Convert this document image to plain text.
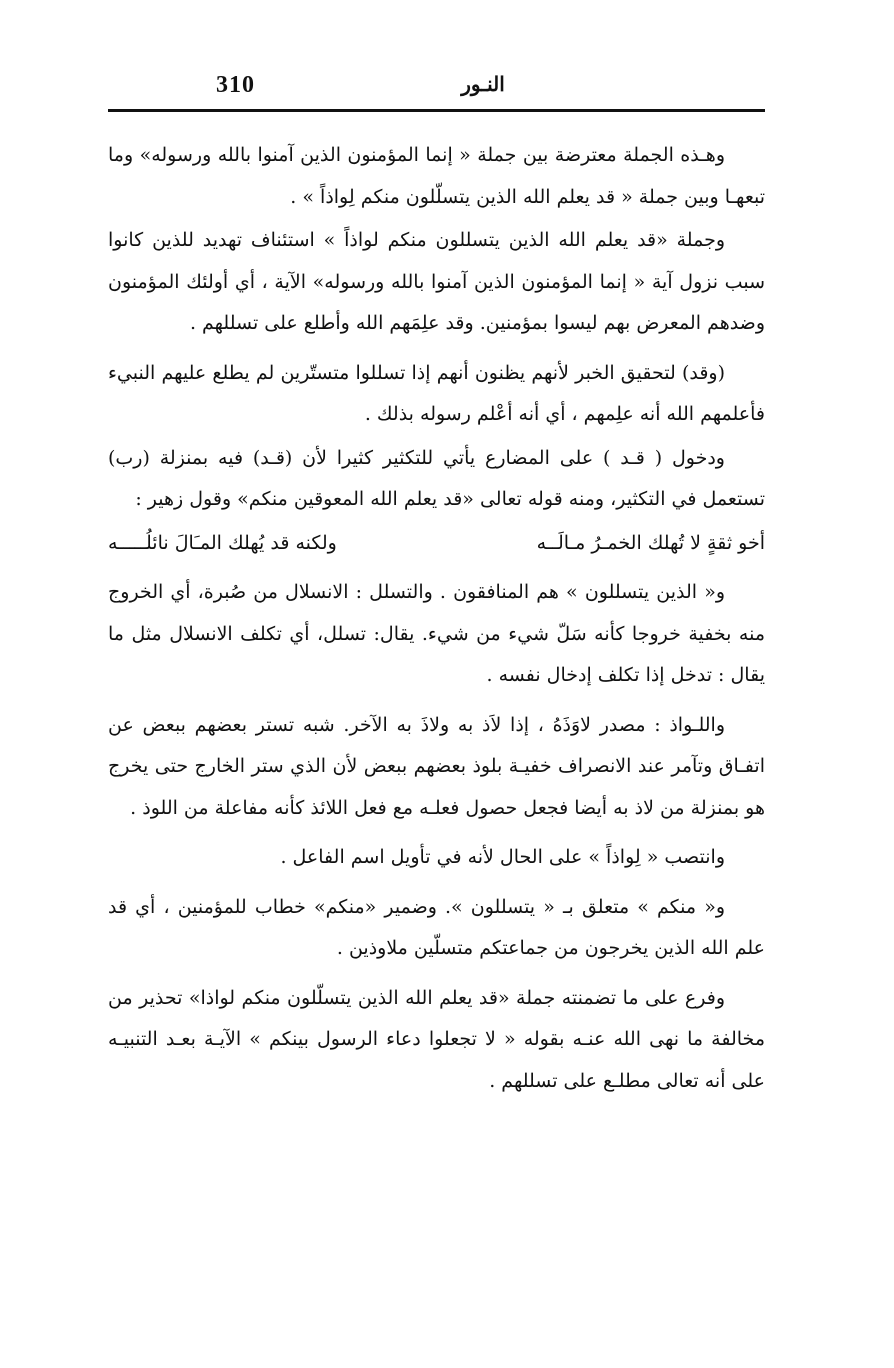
310	النـور

وهـذه الجملة معترضة بين جملة « إنما المؤمنون الذين آمنوا بالله ورسوله» وما تبعهـا وبين جملة « قد يعلم الله الذين يتسلّلون منكم لِواذاً » .

وجملة «قد يعلم الله الذين يتسللون منكم لواذاً » استئناف تهديد للذين كانوا سبب نزول آية « إنما المؤمنون الذين آمنوا بالله ورسوله» الآية ، أي أولئك المؤمنون وضدهم المعرض بهم ليسوا بمؤمنين. وقد علِمَهم الله وأطلع على تسللهم .

(وقد) لتحقيق الخبر لأنهم يظنون أنهم إذا تسللوا متستّرين لم يطلع عليهم النبيء فأعلمهم الله أنه علِمهم ، أي أنه أعْلم رسوله بذلك .

ودخول ( قـد ) على المضارع يأتي للتكثير كثيرا لأن (قـد) فيه بمنزلة (رب) تستعمل في التكثير، ومنه قوله تعالى «قد يعلم الله المعوقين منكم» وقول زهير :

أخو ثقةٍ لا تُهلك الخمـرُ مـالَــه
ولكنه قد يُهلك المـَالَ نائلُـــــه

و« الذين يتسللون » هم المنافقون . والتسلل : الانسلال من صُبرة، أي الخروج منه بخفية خروجا كأنه سَلّ شيء من شيء. يقال: تسلل، أي تكلف الانسلال مثل ما يقال : تدخل إذا تكلف إدخال نفسه .

واللـواذ : مصدر لاوَذَهُ ، إذا لاَذ به ولاذَ به الآخر. شبه تستر بعضهم ببعض عن اتفـاق وتآمر عند الانصراف خفيـة بلوذ بعضهم ببعض لأن الذي ستر الخارج حتى يخرج هو بمنزلة من لاذ به أيضا فجعل حصول فعلـه مع فعل اللائذ كأنه مفاعلة من اللوذ .

وانتصب « لِواذاً » على الحال لأنه في تأويل اسم الفاعل .

و« منكم » متعلق بـ « يتسللون ». وضمير «منكم» خطاب للمؤمنين ، أي قد علم الله الذين يخرجون من جماعتكم متسلّين ملاوذين .

وفرع على ما تضمنته جملة «قد يعلم الله الذين يتسلّلون منكم لواذا» تحذير من مخالفة ما نهى الله عنـه بقوله « لا تجعلوا دعاء الرسول بينكم » الآيـة بعـد التنبيـه على أنه تعالى مطلـع على تسللهم .
